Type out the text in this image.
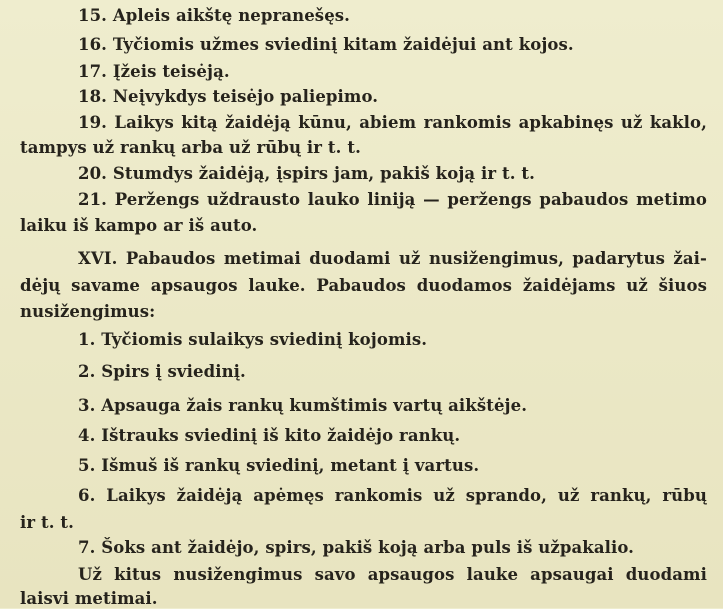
15. Apleis aikštę nepranešęs.
16. Tyčiomis užmes sviedinį kitam žaidėjui ant kojos.
17. Įžeis teisėją.
18. Neįvykdys teisėjo paliepimo.
19. Laikys kitą žaidėją kūnu, abiem rankomis apkabinęs už kaklo,
tampys už rankų arba už rūbų ir t. t.
20. Stumdys žaidėją, įspirs jam, pakiš koją ir t. t.
21. Peržengs uždrausto lauko liniją — peržengs pabaudos metimo
laiku iš kampo ar iš auto.
XVI. Pabaudos metimai duodami už nusižengimus, padarytus žai-
dėjų savame apsaugos lauke. Pabaudos duodamos žaidėjams už šiuos
nusižengimus:
1. Tyčiomis sulaikys sviedinį kojomis.
2. Spirs į sviedinį.
3. Apsauga žais rankų kumštimis vartų aikštėje.
4. Ištrauks sviedinį iš kito žaidėjo rankų.
5. Išmuš iš rankų sviedinį, metant į vartus.
6. Laikys žaidėją apėmęs rankomis už sprando, už rankų, rūbų
ir t. t.
7. Šoks ant žaidėjo, spirs, pakiš koją arba puls iš užpakalio.
Už kitus nusižengimus savo apsaugos lauke apsaugai duodami
laisvi metimai.
